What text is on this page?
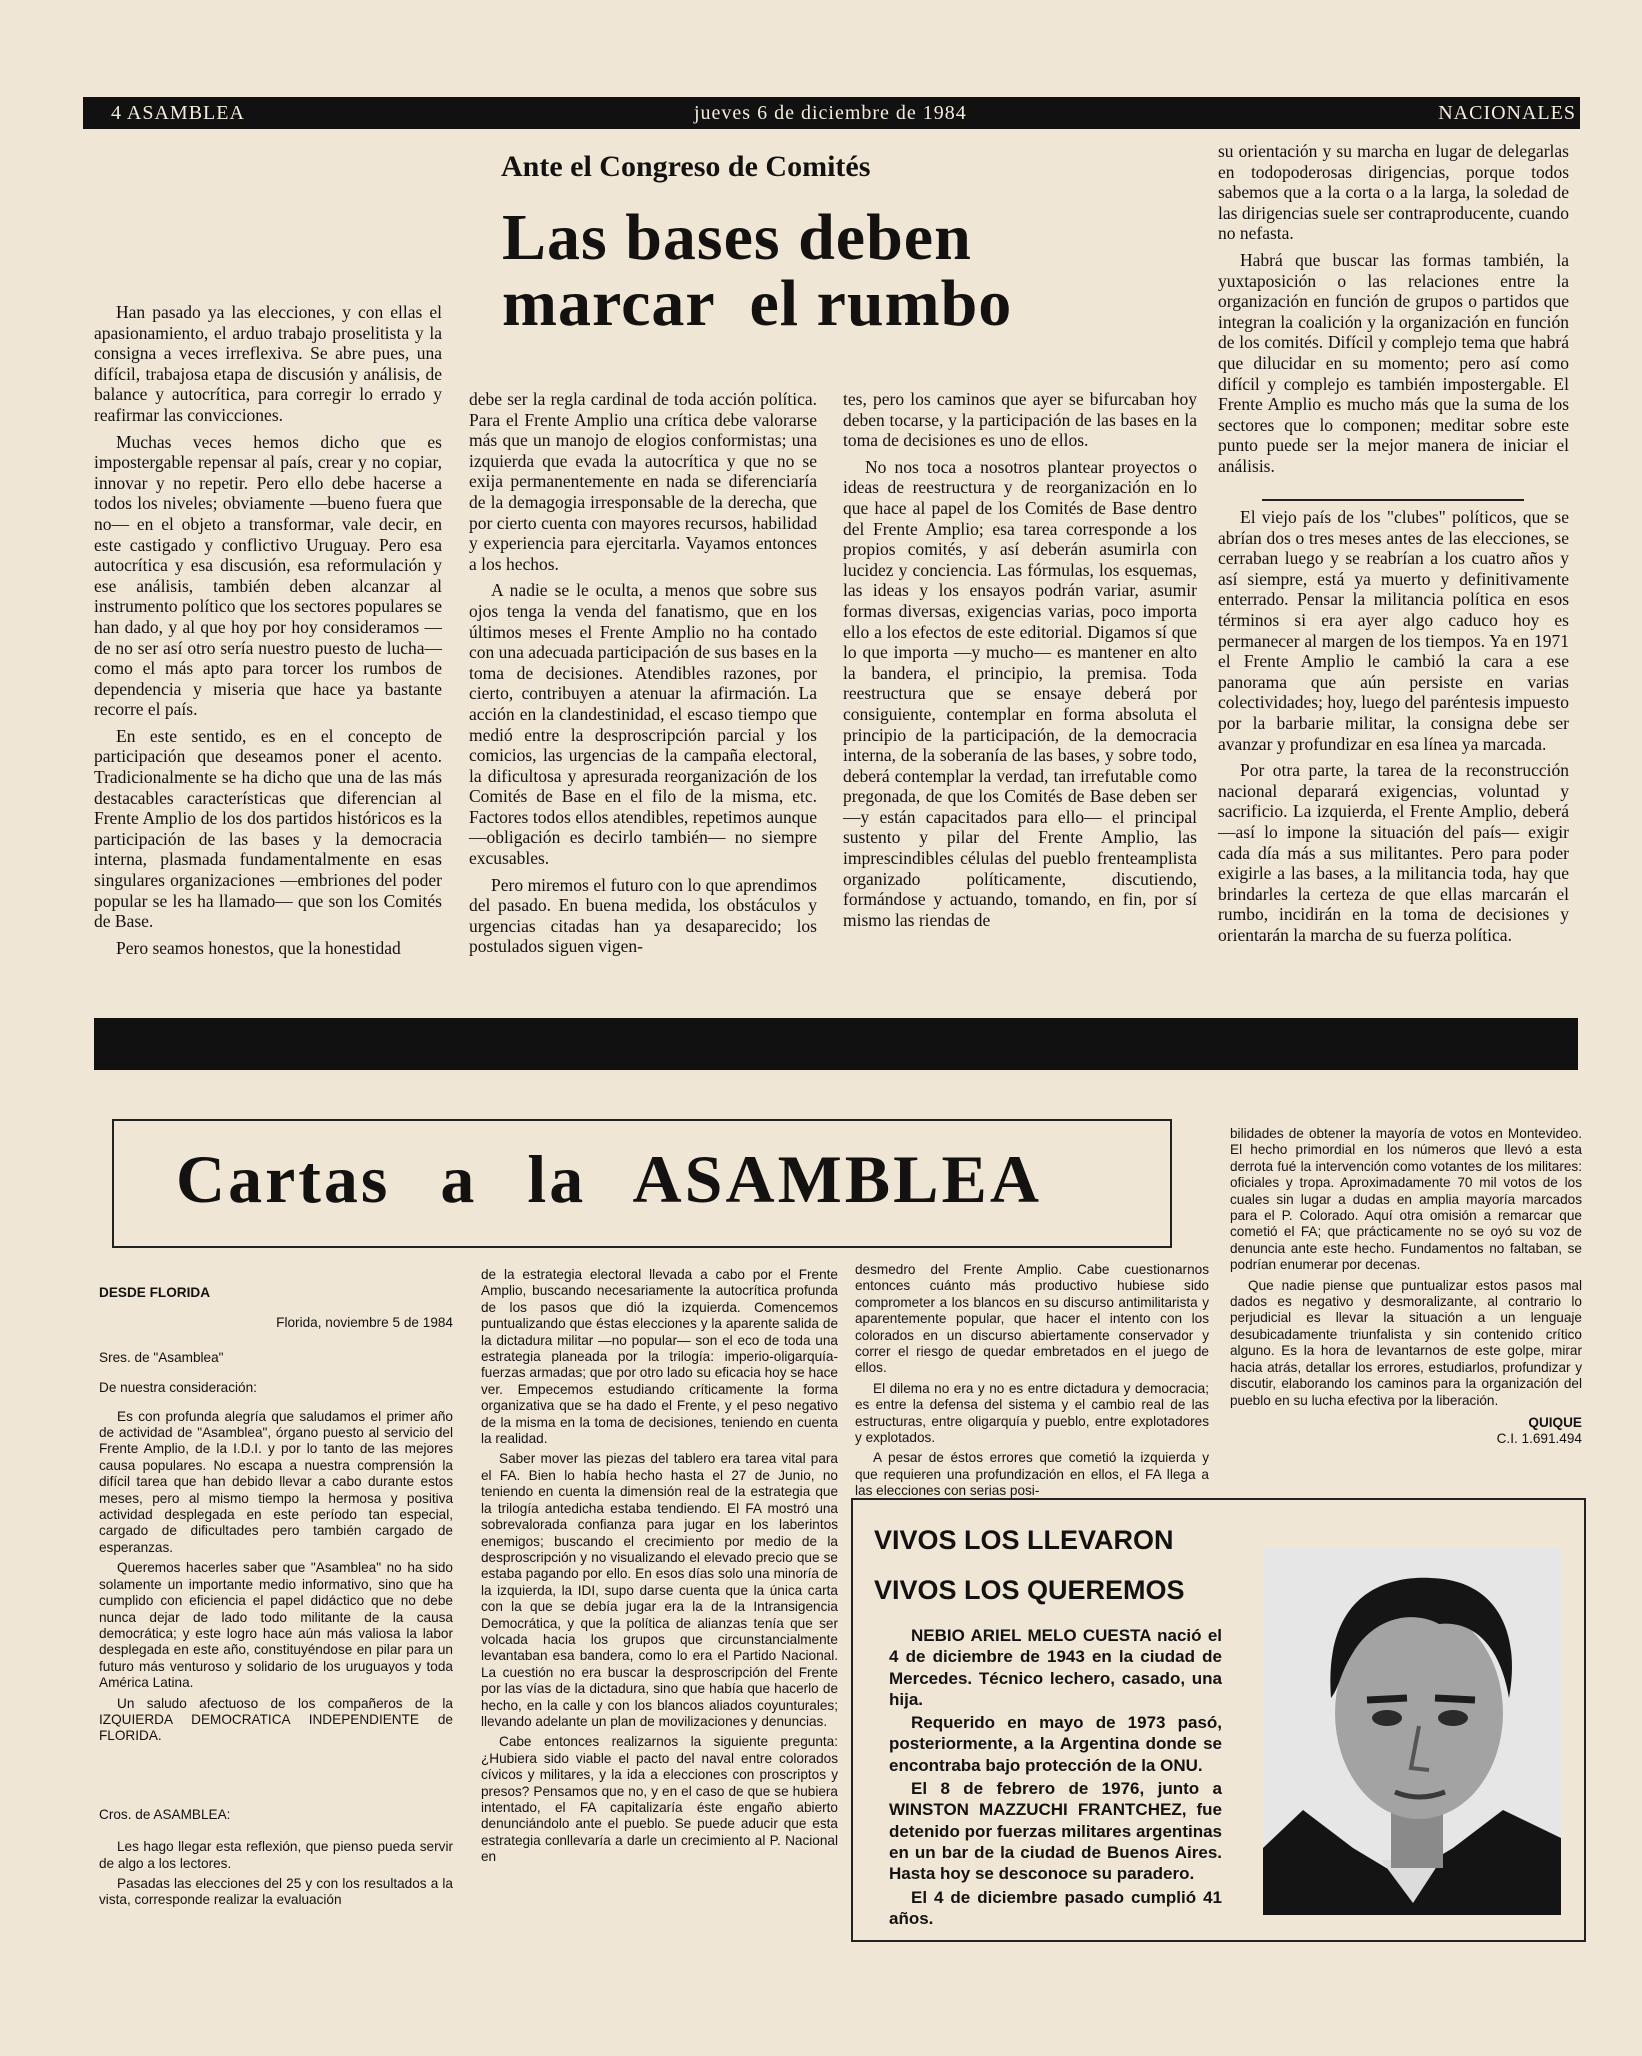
4 ASAMBLEA	jueves 6 de diciembre de 1984	NACIONALES
Ante el Congreso de Comités
Las bases deben
marcar  el rumbo

Han pasado ya las elecciones, y con ellas el apasionamiento, el arduo trabajo proselitista y la consigna a veces irreflexiva. Se abre pues, una difícil, trabajosa etapa de discusión y análisis, de balance y autocrítica, para corregir lo errado y reafirmar las convicciones.

Muchas veces hemos dicho que es impostergable repensar al país, crear y no copiar, innovar y no repetir. Pero ello debe hacerse a todos los niveles; obviamente —bueno fuera que no— en el objeto a transformar, vale decir, en este castigado y conflictivo Uruguay. Pero esa autocrítica y esa discusión, esa reformulación y ese análisis, también deben alcanzar al instrumento político que los sectores populares se han dado, y al que hoy por hoy consideramos —de no ser así otro sería nuestro puesto de lucha— como el más apto para torcer los rumbos de dependencia y miseria que hace ya bastante recorre el país.

En este sentido, es en el concepto de participación que deseamos poner el acento. Tradicionalmente se ha dicho que una de las más destacables características que diferencian al Frente Amplio de los dos partidos históricos es la participación de las bases y la democracia interna, plasmada fundamentalmente en esas singulares organizaciones —embriones del poder popular se les ha llamado— que son los Comités de Base.

Pero seamos honestos, que la honestidad

debe ser la regla cardinal de toda acción política. Para el Frente Amplio una crítica debe valorarse más que un manojo de elogios conformistas; una izquierda que evada la autocrítica y que no se exija permanentemente en nada se diferenciaría de la demagogia irresponsable de la derecha, que por cierto cuenta con mayores recursos, habilidad y experiencia para ejercitarla. Vayamos entonces a los hechos.

A nadie se le oculta, a menos que sobre sus ojos tenga la venda del fanatismo, que en los últimos meses el Frente Amplio no ha contado con una adecuada participación de sus bases en la toma de decisiones. Atendibles razones, por cierto, contribuyen a atenuar la afirmación. La acción en la clandestinidad, el escaso tiempo que medió entre la desproscripción parcial y los comicios, las urgencias de la campaña electoral, la dificultosa y apresurada reorganización de los Comités de Base en el filo de la misma, etc. Factores todos ellos atendibles, repetimos aunque —obligación es decirlo también— no siempre excusables.

Pero miremos el futuro con lo que aprendimos del pasado. En buena medida, los obstáculos y urgencias citadas han ya desaparecido; los postulados siguen vigen-

tes, pero los caminos que ayer se bifurcaban hoy deben tocarse, y la participación de las bases en la toma de decisiones es uno de ellos.

No nos toca a nosotros plantear proyectos o ideas de reestructura y de reorganización en lo que hace al papel de los Comités de Base dentro del Frente Amplio; esa tarea corresponde a los propios comités, y así deberán asumirla con lucidez y conciencia. Las fórmulas, los esquemas, las ideas y los ensayos podrán variar, asumir formas diversas, exigencias varias, poco importa ello a los efectos de este editorial. Digamos sí que lo que importa —y mucho— es mantener en alto la bandera, el principio, la premisa. Toda reestructura que se ensaye deberá por consiguiente, contemplar en forma absoluta el principio de la participación, de la democracia interna, de la soberanía de las bases, y sobre todo, deberá contemplar la verdad, tan irrefutable como pregonada, de que los Comités de Base deben ser —y están capacitados para ello— el principal sustento y pilar del Frente Amplio, las imprescindibles células del pueblo frenteamplista organizado políticamente, discutiendo, formándose y actuando, tomando, en fin, por sí mismo las riendas de

su orientación y su marcha en lugar de delegarlas en todopoderosas dirigencias, porque todos sabemos que a la corta o a la larga, la soledad de las dirigencias suele ser contraproducente, cuando no nefasta.

Habrá que buscar las formas también, la yuxtaposición o las relaciones entre la organización en función de grupos o partidos que integran la coalición y la organización en función de los comités. Difícil y complejo tema que habrá que dilucidar en su momento; pero así como difícil y complejo es también impostergable. El Frente Amplio es mucho más que la suma de los sectores que lo componen; meditar sobre este punto puede ser la mejor manera de iniciar el análisis.

El viejo país de los "clubes" políticos, que se abrían dos o tres meses antes de las elecciones, se cerraban luego y se reabrían a los cuatro años y así siempre, está ya muerto y definitivamente enterrado. Pensar la militancia política en esos términos si era ayer algo caduco hoy es permanecer al margen de los tiempos. Ya en 1971 el Frente Amplio le cambió la cara a ese panorama que aún persiste en varias colectividades; hoy, luego del paréntesis impuesto por la barbarie militar, la consigna debe ser avanzar y profundizar en esa línea ya marcada.

Por otra parte, la tarea de la reconstrucción nacional deparará exigencias, voluntad y sacrificio. La izquierda, el Frente Amplio, deberá —así lo impone la situación del país— exigir cada día más a sus militantes. Pero para poder exigirle a las bases, a la militancia toda, hay que brindarles la certeza de que ellas marcarán el rumbo, incidirán en la toma de decisiones y orientarán la marcha de su fuerza política.

Cartas a la ASAMBLEA
DESDE FLORIDA
Florida, noviembre 5 de 1984
Sres. de "Asamblea"
De nuestra consideración:

Es con profunda alegría que saludamos el primer año de actividad de "Asamblea", órgano puesto al servicio del Frente Amplio, de la I.D.I. y por lo tanto de las mejores causa populares. No escapa a nuestra comprensión la difícil tarea que han debido llevar a cabo durante estos meses, pero al mismo tiempo la hermosa y positiva actividad desplegada en este período tan especial, cargado de dificultades pero también cargado de esperanzas.

Queremos hacerles saber que "Asamblea" no ha sido solamente un importante medio informativo, sino que ha cumplido con eficiencia el papel didáctico que no debe nunca dejar de lado todo militante de la causa democrática; y este logro hace aún más valiosa la labor desplegada en este año, constituyéndose en pilar para un futuro más venturoso y solidario de los uruguayos y toda América Latina.

Un saludo afectuoso de los compañeros de la IZQUIERDA DEMOCRATICA INDEPENDIENTE de FLORIDA.

Cros. de ASAMBLEA:

Les hago llegar esta reflexión, que pienso pueda servir de algo a los lectores.

Pasadas las elecciones del 25 y con los resultados a la vista, corresponde realizar la evaluación

de la estrategia electoral llevada a cabo por el Frente Amplio, buscando necesariamente la autocrítica profunda de los pasos que dió la izquierda. Comencemos puntualizando que éstas elecciones y la aparente salida de la dictadura militar —no popular— son el eco de toda una estrategia planeada por la trilogía: imperio-oligarquía-fuerzas armadas; que por otro lado su eficacia hoy se hace ver. Empecemos estudiando críticamente la forma organizativa que se ha dado el Frente, y el peso negativo de la misma en la toma de decisiones, teniendo en cuenta la realidad.

Saber mover las piezas del tablero era tarea vital para el FA. Bien lo había hecho hasta el 27 de Junio, no teniendo en cuenta la dimensión real de la estrategia que la trilogía antedicha estaba tendiendo. El FA mostró una sobrevalorada confianza para jugar en los laberintos enemigos; buscando el crecimiento por medio de la desproscripción y no visualizando el elevado precio que se estaba pagando por ello. En esos días solo una minoría de la izquierda, la IDI, supo darse cuenta que la única carta con la que se debía jugar era la de la Intransigencia Democrática, y que la política de alianzas tenía que ser volcada hacia los grupos que circunstancialmente levantaban esa bandera, como lo era el Partido Nacional. La cuestión no era buscar la desproscripción del Frente por las vías de la dictadura, sino que había que hacerlo de hecho, en la calle y con los blancos aliados coyunturales; llevando adelante un plan de movilizaciones y denuncias.

Cabe entonces realizarnos la siguiente pregunta: ¿Hubiera sido viable el pacto del naval entre colorados cívicos y militares, y la ida a elecciones con proscriptos y presos? Pensamos que no, y en el caso de que se hubiera intentado, el FA capitalizaría éste engaño abierto denunciándolo ante el pueblo. Se puede aducir que esta estrategia conllevaría a darle un crecimiento al P. Nacional en

desmedro del Frente Amplio. Cabe cuestionarnos entonces cuánto más productivo hubiese sido comprometer a los blancos en su discurso antimilitarista y aparentemente popular, que hacer el intento con los colorados en un discurso abiertamente conservador y correr el riesgo de quedar embretados en el juego de ellos.

El dilema no era y no es entre dictadura y democracia; es entre la defensa del sistema y el cambio real de las estructuras, entre oligarquía y pueblo, entre explotadores y explotados.

A pesar de éstos errores que cometió la izquierda y que requieren una profundización en ellos, el FA llega a las elecciones con serias posi-

bilidades de obtener la mayoría de votos en Montevideo. El hecho primordial en los números que llevó a esta derrota fué la intervención como votantes de los militares: oficiales y tropa. Aproximadamente 70 mil votos de los cuales sin lugar a dudas en amplia mayoría marcados para el P. Colorado. Aquí otra omisión a remarcar que cometió el FA; que prácticamente no se oyó su voz de denuncia ante este hecho. Fundamentos no faltaban, se podrían enumerar por decenas.

Que nadie piense que puntualizar estos pasos mal dados es negativo y desmoralizante, al contrario lo perjudicial es llevar la situación a un lenguaje desubicadamente triunfalista y sin contenido crítico alguno. Es la hora de levantarnos de este golpe, mirar hacia atrás, detallar los errores, estudiarlos, profundizar y discutir, elaborando los caminos para la organización del pueblo en su lucha efectiva por la liberación.

QUIQUE
C.I. 1.691.494
VIVOS LOS LLEVARON
VIVOS LOS QUEREMOS

NEBIO ARIEL MELO CUESTA nació el 4 de diciembre de 1943 en la ciudad de Mercedes. Técnico lechero, casado, una hija.

Requerido en mayo de 1973 pasó, posteriormente, a la Argentina donde se encontraba bajo protección de la ONU.

El 8 de febrero de 1976, junto a WINSTON MAZZUCHI FRANTCHEZ, fue detenido por fuerzas militares argentinas en un bar de la ciudad de Buenos Aires. Hasta hoy se desconoce su paradero.

El 4 de diciembre pasado cumplió 41 años.
